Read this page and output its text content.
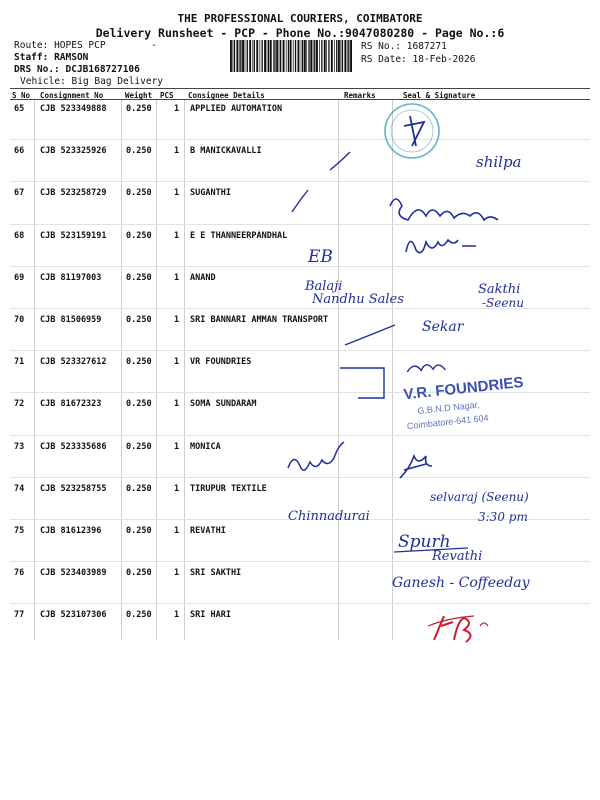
THE PROFESSIONAL COURIERS, COIMBATORE
Delivery Runsheet - PCP - Phone No.:9047080280 - Page No.:6
Route: HOPES PCP	-
Staff: RAMSON
DRS No.: DCJB168727106
Vehicle: Big Bag Delivery
RS No.: 1687271
RS Date: 18-Feb-2026
S No Consignment No	Weight PCS Consignee Details	Remarks	Seal & Signature
65 CJB 523349888 0.250	1 APPLIED AUTOMATION
66 CJB 523325926 0.250	1 B MANICKAVALLI
67 CJB 523258729 0.250	1 SUGANTHI
68 CJB 523159191 0.250	1 E E THANNEERPANDHAL
69 CJB 81197003	0.250	1 ANAND
70 CJB 81506959	0.250	1 SRI BANNARI AMMAN TRANSPORT
71 CJB 523327612 0.250	1 VR FOUNDRIES
72 CJB 81672323	0.250	1 SOMA SUNDARAM
73 CJB 523335686 0.250	1 MONICA
74 CJB 523258755 0.250	1 TIRUPUR TEXTILE
75 CJB 81612396	0.250	1 REVATHI
76 CJB 523403989 0.250	1 SRI SAKTHI
77 CJB 523107306 0.250	1 SRI HARI
shilpa
EB
Balaji
Nandhu Sales
Sakthi
-Seenu
Sekar
V.R. FOUNDRIES
G.B.N.D Nagar,
Coimbatore-641 604
Chinnadurai
selvaraj (Seenu)
3:30 pm
Spurh
Revathi
Ganesh - Coffeeday
